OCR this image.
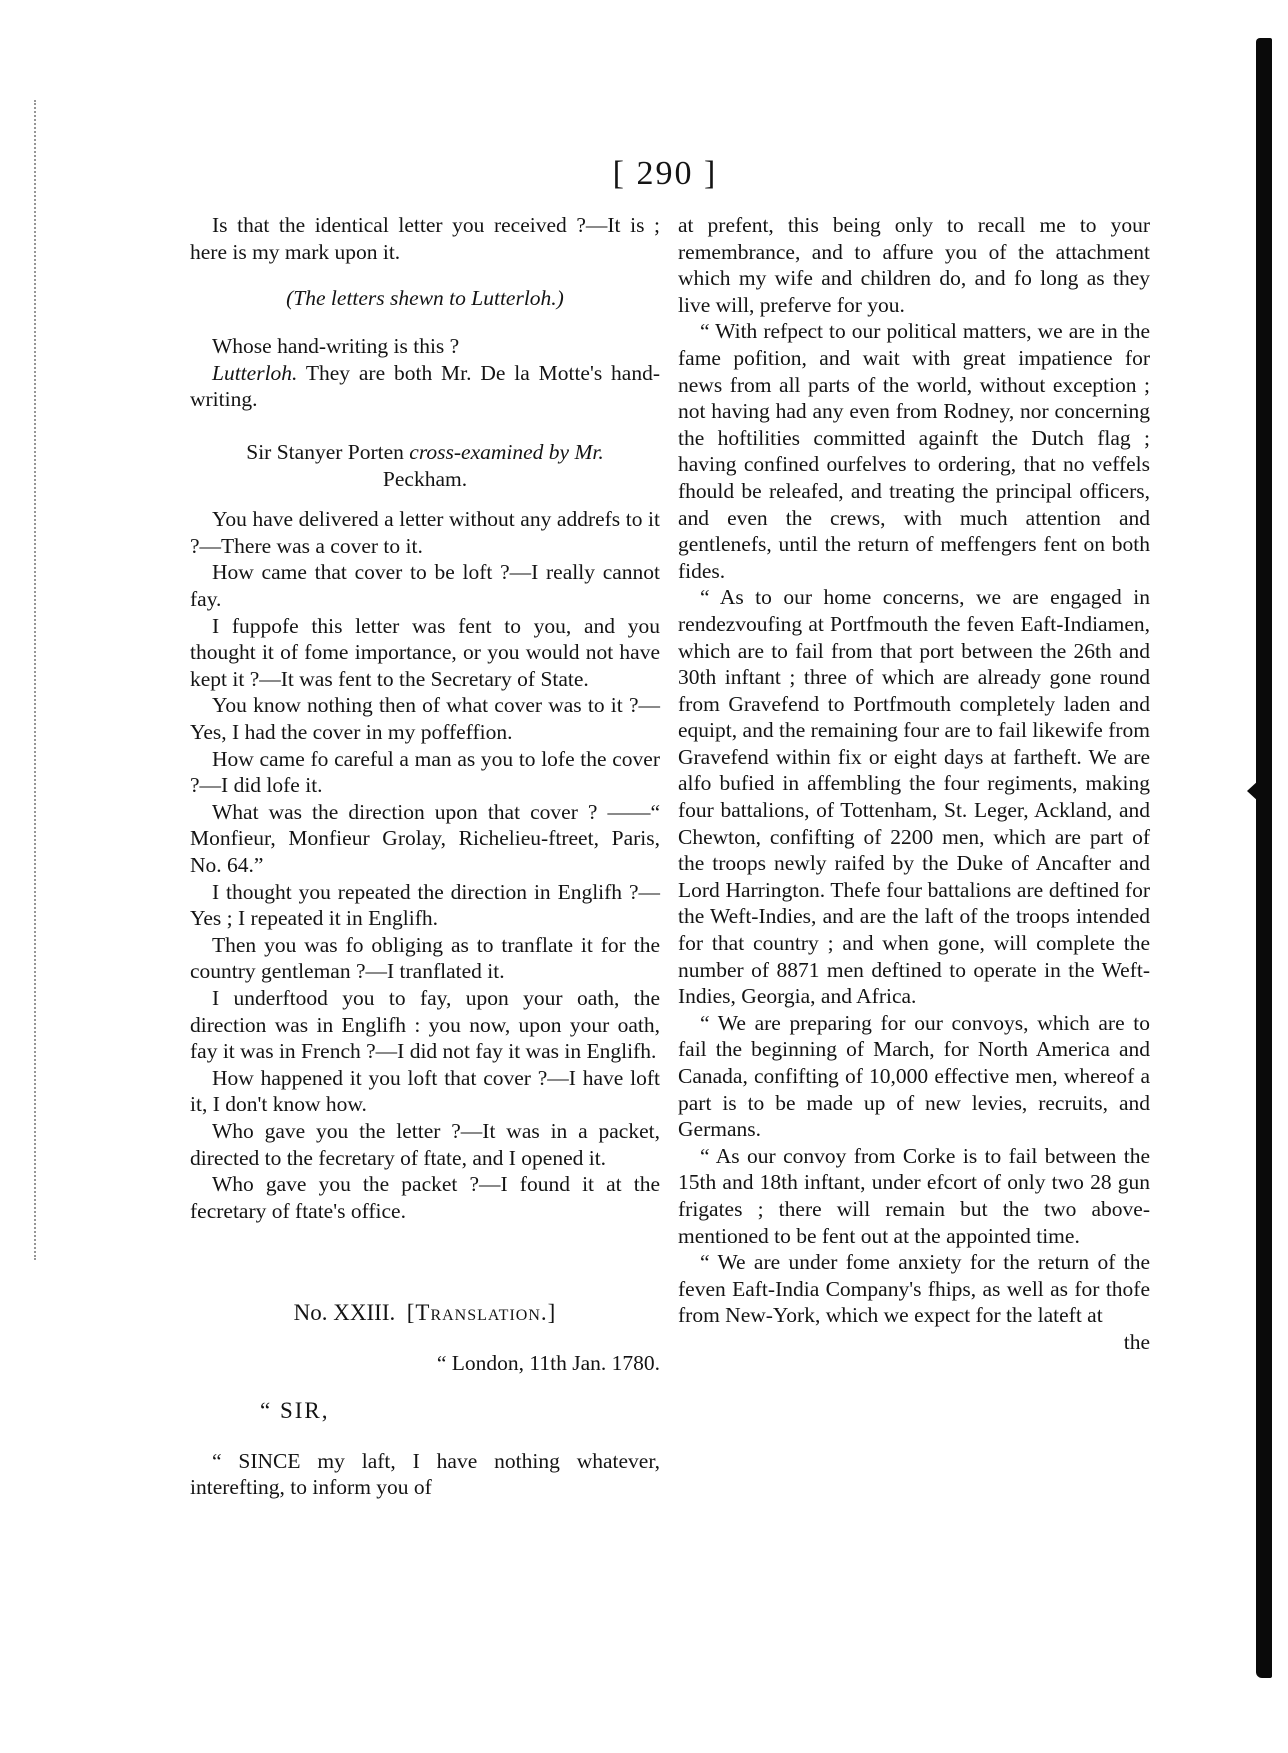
[ 290 ]

Is that the identical letter you received ?—It is ; here is my mark upon it.

(The letters shewn to Lutterloh.)

Whose hand-writing is this ?

Lutterloh. They are both Mr. De la Motte's hand-writing.

Sir Stanyer Porten cross-examined by Mr.
Peckham.

You have delivered a letter without any addrefs to it ?—There was a cover to it.

How came that cover to be loft ?—I really cannot fay.

I fuppofe this letter was fent to you, and you thought it of fome importance, or you would not have kept it ?—It was fent to the Secretary of State.

You know nothing then of what cover was to it ?—Yes, I had the cover in my poffeffion.

How came fo careful a man as you to lofe the cover ?—I did lofe it.

What was the direction upon that cover ? ——“ Monfieur, Monfieur Grolay, Richelieu-ftreet, Paris, No. 64.”

I thought you repeated the direction in Englifh ?—Yes ; I repeated it in Englifh.

Then you was fo obliging as to tranflate it for the country gentleman ?—I tranflated it.

I underftood you to fay, upon your oath, the direction was in Englifh : you now, upon your oath, fay it was in French ?—I did not fay it was in Englifh.

How happened it you loft that cover ?—I have loft it, I don't know how.

Who gave you the letter ?—It was in a packet, directed to the fecretary of ftate, and I opened it.

Who gave you the packet ?—I found it at the fecretary of ftate's office.

No. XXIII. [Translation.]

“ London, 11th Jan. 1780.

“ SIR,

“ SINCE my laft, I have nothing whatever, interefting, to inform you of

at prefent, this being only to recall me to your remembrance, and to affure you of the attachment which my wife and children do, and fo long as they live will, preferve for you.

“ With refpect to our political matters, we are in the fame pofition, and wait with great impatience for news from all parts of the world, without exception ; not having had any even from Rodney, nor concerning the hoftilities committed againft the Dutch flag ; having confined ourfelves to ordering, that no veffels fhould be releafed, and treating the principal officers, and even the crews, with much attention and gentlenefs, until the return of meffengers fent on both fides.

“ As to our home concerns, we are engaged in rendezvoufing at Portfmouth the feven Eaft-Indiamen, which are to fail from that port between the 26th and 30th inftant ; three of which are already gone round from Gravefend to Portfmouth completely laden and equipt, and the remaining four are to fail likewife from Gravefend within fix or eight days at fartheft. We are alfo bufied in affembling the four regiments, making four battalions, of Tottenham, St. Leger, Ackland, and Chewton, confifting of 2200 men, which are part of the troops newly raifed by the Duke of Ancafter and Lord Harrington. Thefe four battalions are deftined for the Weft-Indies, and are the laft of the troops intended for that country ; and when gone, will complete the number of 8871 men deftined to operate in the Weft-Indies, Georgia, and Africa.

“ We are preparing for our convoys, which are to fail the beginning of March, for North America and Canada, confifting of 10,000 effective men, whereof a part is to be made up of new levies, recruits, and Germans.

“ As our convoy from Corke is to fail between the 15th and 18th inftant, under efcort of only two 28 gun frigates ; there will remain but the two above-mentioned to be fent out at the appointed time.

“ We are under fome anxiety for the return of the feven Eaft-India Company's fhips, as well as for thofe from New-York, which we expect for the lateft at

the
